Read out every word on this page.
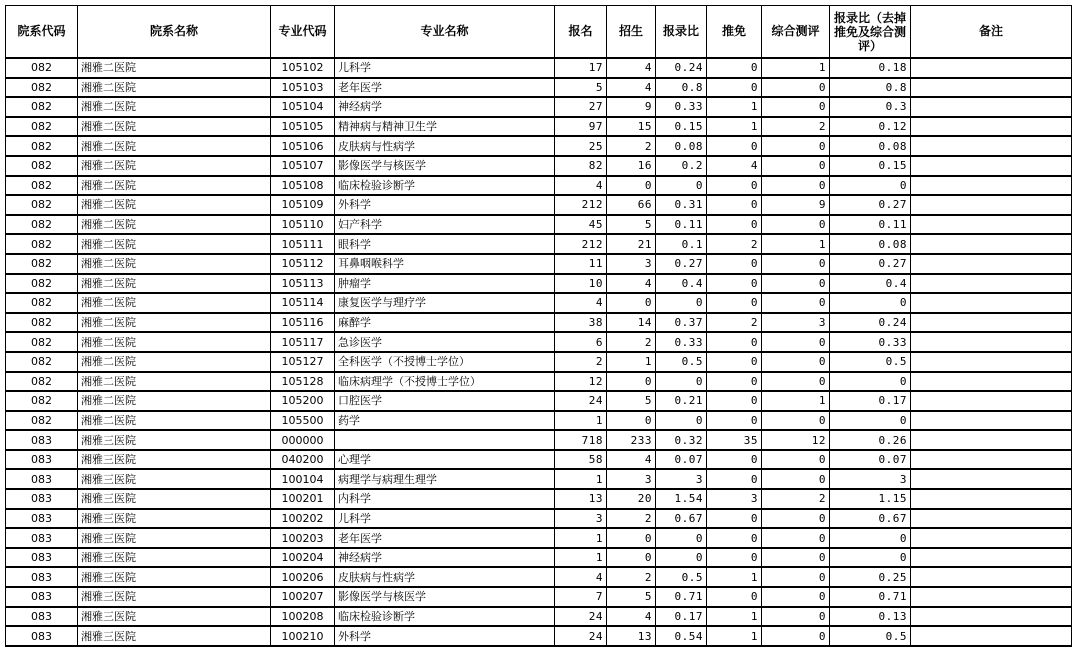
院系代码	院系名称	专业代码	专业名称	报名	招生	报录比	推免	综合测评	报录比（去掉推免及综合测评）	备注
082	湘雅二医院	105102	儿科学	17	4	0.24	0	1	0.18	
082	湘雅二医院	105103	老年医学	5	4	0.8	0	0	0.8	
082	湘雅二医院	105104	神经病学	27	9	0.33	1	0	0.3	
082	湘雅二医院	105105	精神病与精神卫生学	97	15	0.15	1	2	0.12	
082	湘雅二医院	105106	皮肤病与性病学	25	2	0.08	0	0	0.08	
082	湘雅二医院	105107	影像医学与核医学	82	16	0.2	4	0	0.15	
082	湘雅二医院	105108	临床检验诊断学	4	0	0	0	0	0	
082	湘雅二医院	105109	外科学	212	66	0.31	0	9	0.27	
082	湘雅二医院	105110	妇产科学	45	5	0.11	0	0	0.11	
082	湘雅二医院	105111	眼科学	212	21	0.1	2	1	0.08	
082	湘雅二医院	105112	耳鼻咽喉科学	11	3	0.27	0	0	0.27	
082	湘雅二医院	105113	肿瘤学	10	4	0.4	0	0	0.4	
082	湘雅二医院	105114	康复医学与理疗学	4	0	0	0	0	0	
082	湘雅二医院	105116	麻醉学	38	14	0.37	2	3	0.24	
082	湘雅二医院	105117	急诊医学	6	2	0.33	0	0	0.33	
082	湘雅二医院	105127	全科医学（不授博士学位）	2	1	0.5	0	0	0.5	
082	湘雅二医院	105128	临床病理学（不授博士学位）	12	0	0	0	0	0	
082	湘雅二医院	105200	口腔医学	24	5	0.21	0	1	0.17	
082	湘雅二医院	105500	药学	1	0	0	0	0	0	
083	湘雅三医院	000000		718	233	0.32	35	12	0.26	
083	湘雅三医院	040200	心理学	58	4	0.07	0	0	0.07	
083	湘雅三医院	100104	病理学与病理生理学	1	3	3	0	0	3	
083	湘雅三医院	100201	内科学	13	20	1.54	3	2	1.15	
083	湘雅三医院	100202	儿科学	3	2	0.67	0	0	0.67	
083	湘雅三医院	100203	老年医学	1	0	0	0	0	0	
083	湘雅三医院	100204	神经病学	1	0	0	0	0	0	
083	湘雅三医院	100206	皮肤病与性病学	4	2	0.5	1	0	0.25	
083	湘雅三医院	100207	影像医学与核医学	7	5	0.71	0	0	0.71	
083	湘雅三医院	100208	临床检验诊断学	24	4	0.17	1	0	0.13	
083	湘雅三医院	100210	外科学	24	13	0.54	1	0	0.5	
